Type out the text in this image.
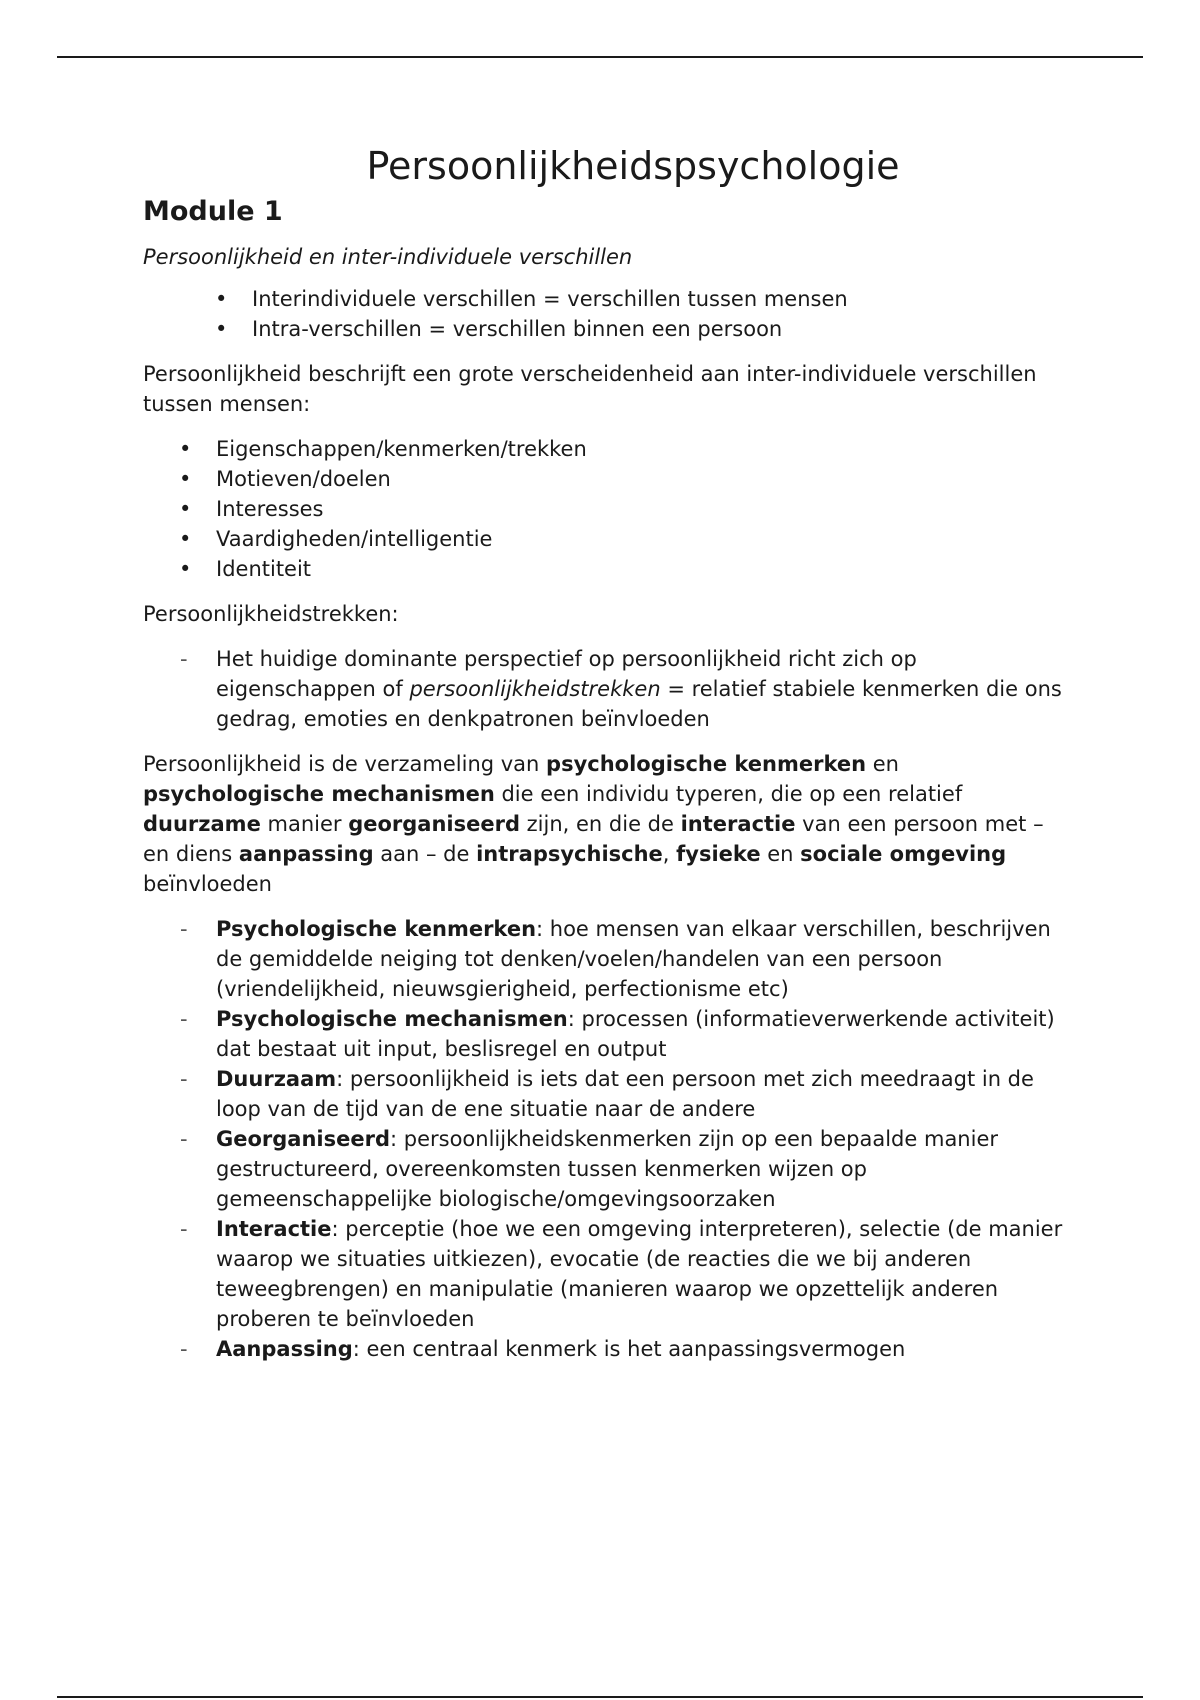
Persoonlijkheidspsychologie
Module 1

Persoonlijkheid en inter-individuele verschillen

• Interindividuele verschillen = verschillen tussen mensen
• Intra-verschillen = verschillen binnen een persoon

Persoonlijkheid beschrijft een grote verscheidenheid aan inter-individuele verschillen tussen mensen:

• Eigenschappen/kenmerken/trekken
• Motieven/doelen
• Interesses
• Vaardigheden/intelligentie
• Identiteit

Persoonlijkheidstrekken:

- Het huidige dominante perspectief op persoonlijkheid richt zich op eigenschappen of persoonlijkheidstrekken = relatief stabiele kenmerken die ons gedrag, emoties en denkpatronen beïnvloeden

Persoonlijkheid is de verzameling van psychologische kenmerken en psychologische mechanismen die een individu typeren, die op een relatief duurzame manier georganiseerd zijn, en die de interactie van een persoon met – en diens aanpassing aan – de intrapsychische, fysieke en sociale omgeving beïnvloeden

- Psychologische kenmerken: hoe mensen van elkaar verschillen, beschrijven de gemiddelde neiging tot denken/voelen/handelen van een persoon (vriendelijkheid, nieuwsgierigheid, perfectionisme etc)
- Psychologische mechanismen: processen (informatieverwerkende activiteit) dat bestaat uit input, beslisregel en output
- Duurzaam: persoonlijkheid is iets dat een persoon met zich meedraagt in de loop van de tijd van de ene situatie naar de andere
- Georganiseerd: persoonlijkheidskenmerken zijn op een bepaalde manier gestructureerd, overeenkomsten tussen kenmerken wijzen op gemeenschappelijke biologische/omgevingsoorzaken
- Interactie: perceptie (hoe we een omgeving interpreteren), selectie (de manier waarop we situaties uitkiezen), evocatie (de reacties die we bij anderen teweegbrengen) en manipulatie (manieren waarop we opzettelijk anderen proberen te beïnvloeden
- Aanpassing: een centraal kenmerk is het aanpassingsvermogen
